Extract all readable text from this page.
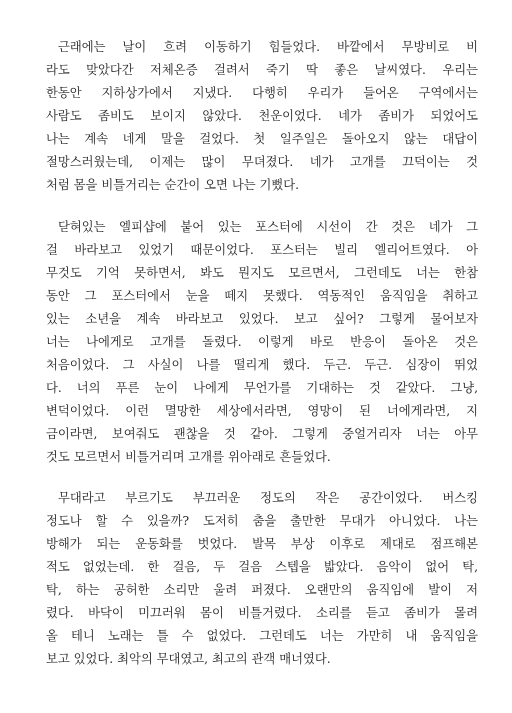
근래에는 날이 흐려 이동하기 힘들었다. 바깥에서 무방비로 비
라도 맞았다간 저체온증 걸려서 죽기 딱 좋은 날씨였다. 우리는
한동안 지하상가에서 지냈다. 다행히 우리가 들어온 구역에서는
사람도 좀비도 보이지 않았다. 천운이었다. 네가 좀비가 되었어도
나는 계속 네게 말을 걸었다. 첫 일주일은 돌아오지 않는 대답이
절망스러웠는데, 이제는 많이 무뎌졌다. 네가 고개를 끄덕이는 것
처럼 몸을 비틀거리는 순간이 오면 나는 기뻤다.
닫혀있는 엘피샵에 붙어 있는 포스터에 시선이 간 것은 네가 그
걸 바라보고 있었기 때문이었다. 포스터는 빌리 엘리어트였다. 아
무것도 기억 못하면서, 봐도 뭔지도 모르면서, 그런데도 너는 한참
동안 그 포스터에서 눈을 떼지 못했다. 역동적인 움직임을 취하고
있는 소년을 계속 바라보고 있었다. 보고 싶어? 그렇게 물어보자
너는 나에게로 고개를 돌렸다. 이렇게 바로 반응이 돌아온 것은
처음이었다. 그 사실이 나를 떨리게 했다. 두근. 두근. 심장이 뛰었
다. 너의 푸른 눈이 나에게 무언가를 기대하는 것 같았다. 그냥,
변덕이었다. 이런 멸망한 세상에서라면, 영망이 된 너에게라면, 지
금이라면, 보여줘도 괜찮을 것 같아. 그렇게 중얼거리자 너는 아무
것도 모르면서 비틀거리며 고개를 위아래로 흔들었다.
무대라고 부르기도 부끄러운 정도의 작은 공간이었다. 버스킹
정도나 할 수 있을까? 도저히 춤을 출만한 무대가 아니었다. 나는
방해가 되는 운동화를 벗었다. 발목 부상 이후로 제대로 점프해본
적도 없었는데. 한 걸음, 두 걸음 스텝을 밟았다. 음악이 없어 탁,
탁, 하는 공허한 소리만 울려 퍼졌다. 오랜만의 움직임에 발이 저
렸다. 바닥이 미끄러워 몸이 비틀거렸다. 소리를 듣고 좀비가 몰려
올 테니 노래는 틀 수 없었다. 그런데도 너는 가만히 내 움직임을
보고 있었다. 최악의 무대였고, 최고의 관객 매너였다.
